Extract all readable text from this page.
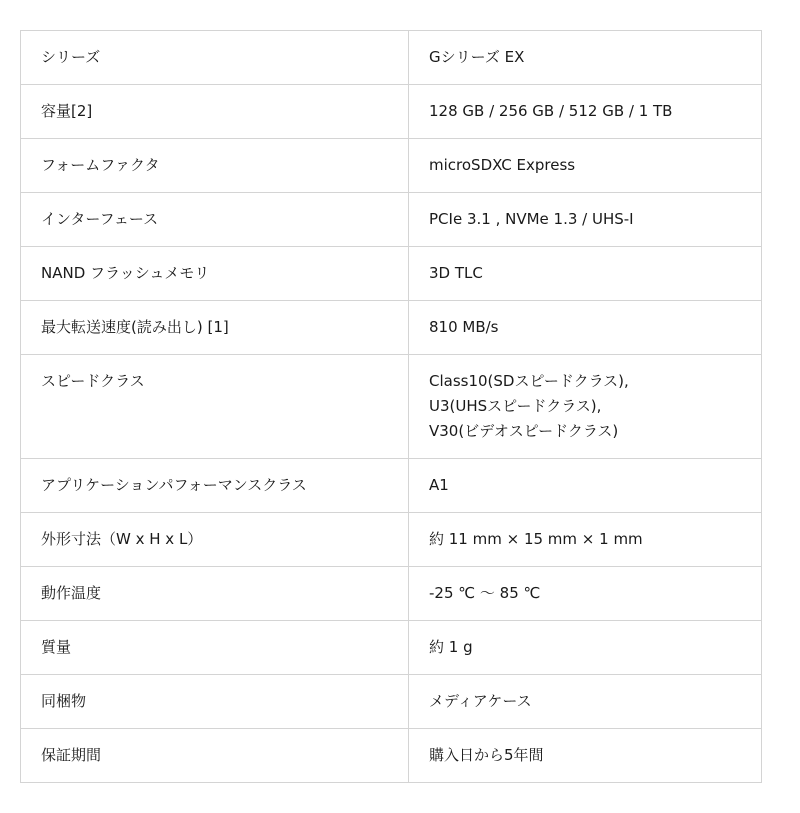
シリーズ	Gシリーズ EX

容量[2]	128 GB / 256 GB / 512 GB / 1 TB

フォームファクタ	microSDXC Express

インターフェース	PCIe 3.1 , NVMe 1.3 / UHS-I

NAND フラッシュメモリ	3D TLC

最大転送速度(読み出し) [1]	810 MB/s

スピードクラス	Class10(SDスピードクラス),
U3(UHSスピードクラス),
V30(ビデオスピードクラス)

アプリケーションパフォーマンスクラス	A1

外形寸法（W x H x L）	約 11 mm × 15 mm × 1 mm

動作温度	-25 ℃ ～ 85 ℃

質量	約 1 g

同梱物	メディアケース

保証期間	購入日から5年間
